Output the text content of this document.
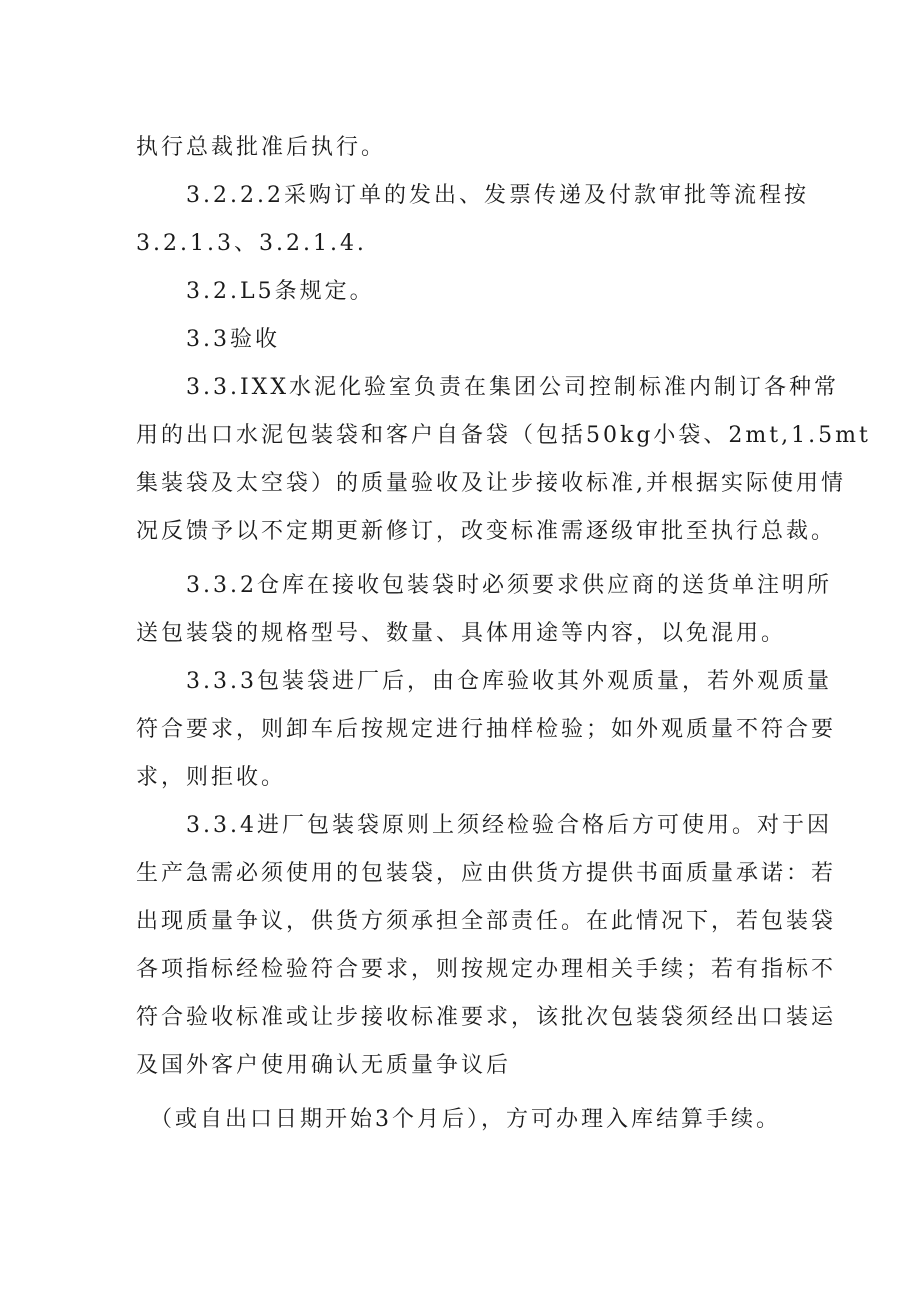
执行总裁批准后执行。
3.2.2.2采购订单的发出、发票传递及付款审批等流程按
3.2.1.3、3.2.1.4.
3.2.L5条规定。
3.3验收
3.3.IXX水泥化验室负责在集团公司控制标准内制订各种常
用的出口水泥包装袋和客户自备袋（包括50kg小袋、2mt,1.5mt
集装袋及太空袋）的质量验收及让步接收标准,并根据实际使用情
况反馈予以不定期更新修订，改变标准需逐级审批至执行总裁。
3.3.2仓库在接收包装袋时必须要求供应商的送货单注明所
送包装袋的规格型号、数量、具体用途等内容，以免混用。
3.3.3包装袋进厂后，由仓库验收其外观质量，若外观质量
符合要求，则卸车后按规定进行抽样检验；如外观质量不符合要
求，则拒收。
3.3.4进厂包装袋原则上须经检验合格后方可使用。对于因
生产急需必须使用的包装袋，应由供货方提供书面质量承诺：若
出现质量争议，供货方须承担全部责任。在此情况下，若包装袋
各项指标经检验符合要求，则按规定办理相关手续；若有指标不
符合验收标准或让步接收标准要求，该批次包装袋须经出口装运
及国外客户使用确认无质量争议后
（或自出口日期开始3个月后），方可办理入库结算手续。
